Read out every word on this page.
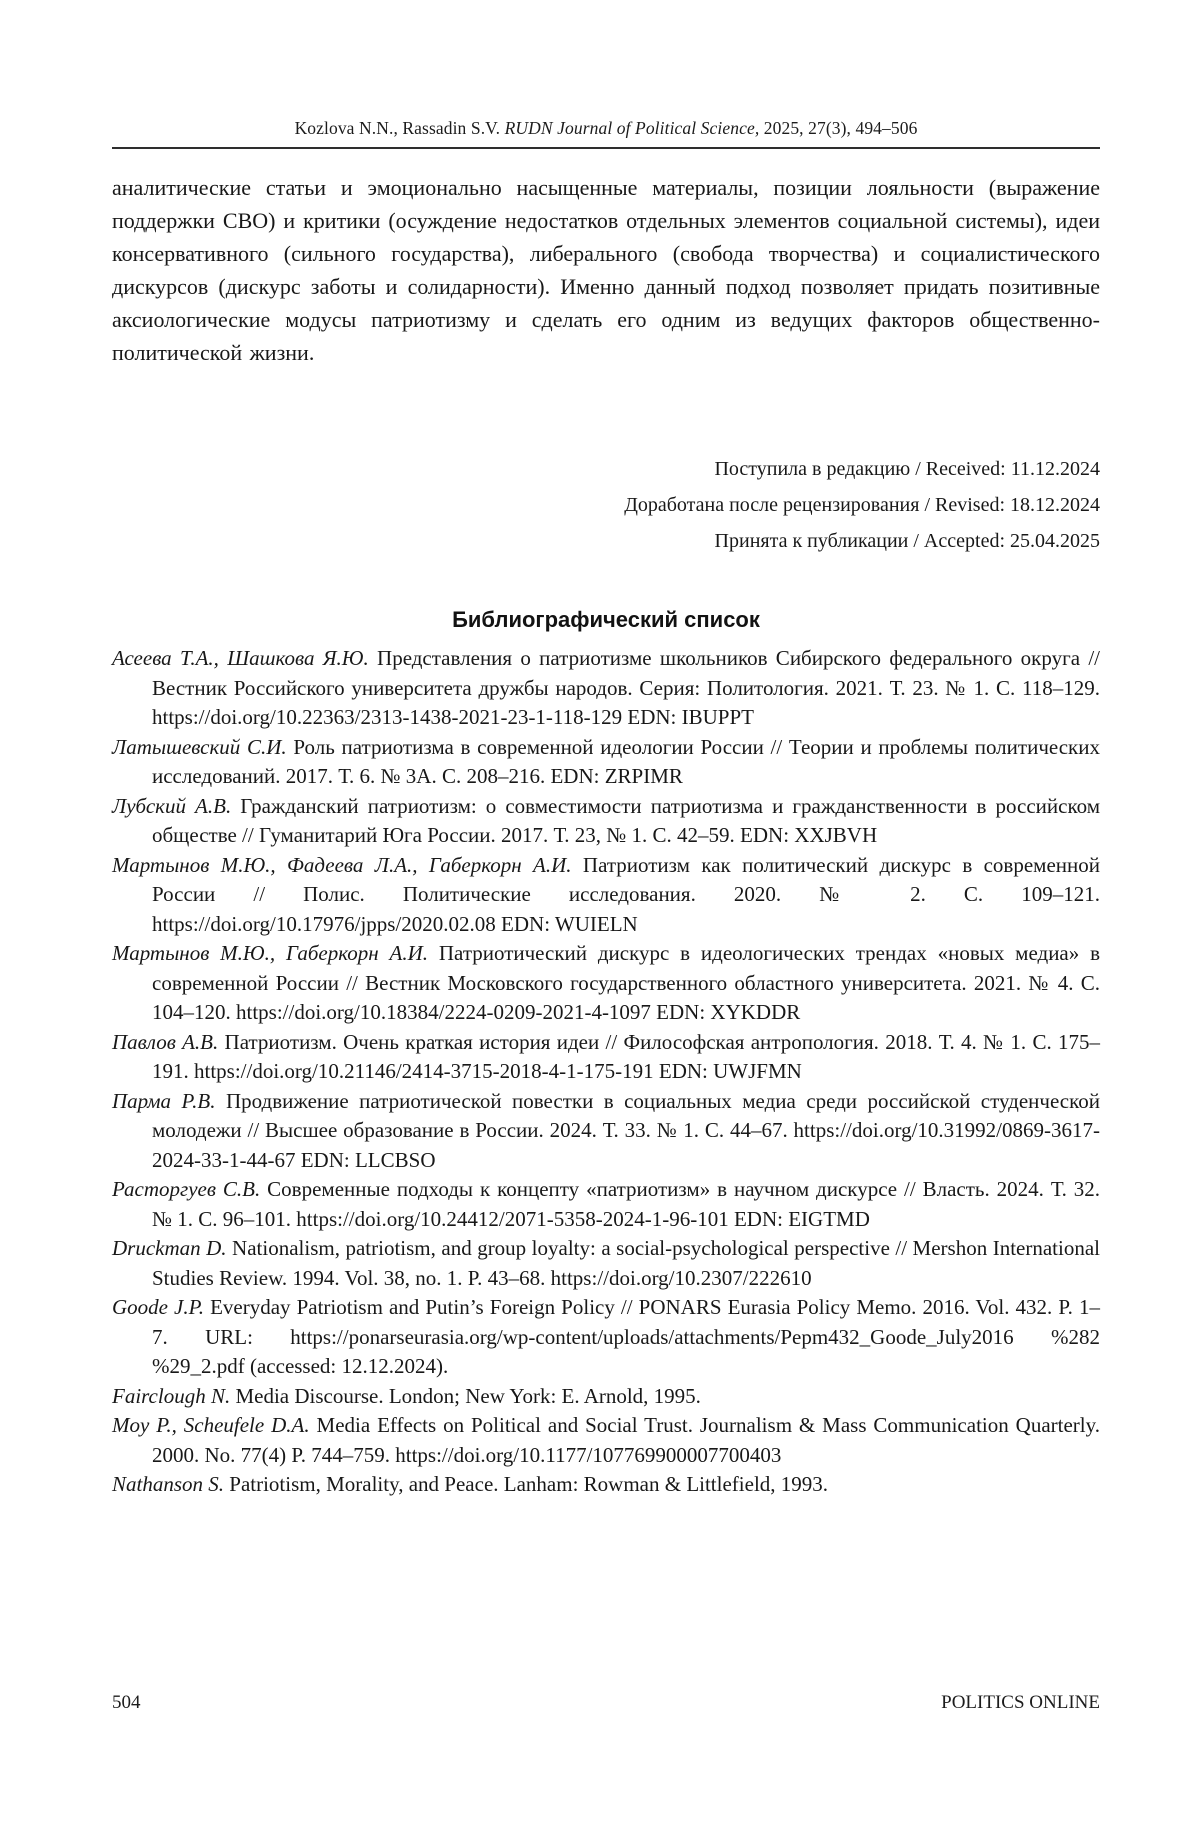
Kozlova N.N., Rassadin S.V. RUDN Journal of Political Science, 2025, 27(3), 494–506

аналитические статьи и эмоционально насыщенные материалы, позиции лояльности (выражение поддержки СВО) и критики (осуждение недостатков отдельных элементов социальной системы), идеи консервативного (сильного государства), либерального (свобода творчества) и социалистического дискурсов (дискурс заботы и солидарности). Именно данный подход позволяет придать позитивные аксиологические модусы патриотизму и сделать его одним из ведущих факторов общественно-политической жизни.

Поступила в редакцию / Received: 11.12.2024
Доработана после рецензирования / Revised: 18.12.2024
Принята к публикации / Accepted: 25.04.2025
Библиографический список

Асеева Т.А., Шашкова Я.Ю. Представления о патриотизме школьников Сибирского федерального округа // Вестник Российского университета дружбы народов. Серия: Политология. 2021. Т. 23. № 1. С. 118–129. https://doi.org/10.22363/2313-1438-2021-23-1-118-129 EDN: IBUPPT

Латышевский С.И. Роль патриотизма в современной идеологии России // Теории и проблемы политических исследований. 2017. Т. 6. № 3А. С. 208–216. EDN: ZRPIMR

Лубский А.В. Гражданский патриотизм: о совместимости патриотизма и гражданственности в российском обществе // Гуманитарий Юга России. 2017. Т. 23, № 1. С. 42–59. EDN: XXJBVH

Мартынов М.Ю., Фадеева Л.А., Габеркорн А.И. Патриотизм как политический дискурс в современной России // Полис. Политические исследования. 2020. № 2. С. 109–121. https://doi.org/10.17976/jpps/2020.02.08 EDN: WUIELN

Мартынов М.Ю., Габеркорн А.И. Патриотический дискурс в идеологических трендах «новых медиа» в современной России // Вестник Московского государственного областного университета. 2021. № 4. С. 104–120. https://doi.org/10.18384/2224-0209-2021-4-1097 EDN: XYKDDR

Павлов А.В. Патриотизм. Очень краткая история идеи // Философская антропология. 2018. Т. 4. № 1. С. 175–191. https://doi.org/10.21146/2414-3715-2018-4-1-175-191 EDN: UWJFMN

Парма Р.В. Продвижение патриотической повестки в социальных медиа среди российской студенческой молодежи // Высшее образование в России. 2024. Т. 33. № 1. С. 44–67. https://doi.org/10.31992/0869-3617-2024-33-1-44-67 EDN: LLCBSO

Расторгуев С.В. Современные подходы к концепту «патриотизм» в научном дискурсе // Власть. 2024. Т. 32. № 1. С. 96–101. https://doi.org/10.24412/2071-5358-2024-1-96-101 EDN: EIGTMD

Druckman D. Nationalism, patriotism, and group loyalty: a social-psychological perspective // Mershon International Studies Review. 1994. Vol. 38, no. 1. P. 43–68. https://doi.org/10.2307/222610

Goode J.P. Everyday Patriotism and Putin’s Foreign Policy // PONARS Eurasia Policy Memo. 2016. Vol. 432. P. 1–7. URL: https://ponarseurasia.org/wp-content/uploads/attachments/Pepm432_Goode_July2016 %282 %29_2.pdf (accessed: 12.12.2024).

Fairclough N. Media Discourse. London; New York: E. Arnold, 1995.

Moy P., Scheufele D.A. Media Effects on Political and Social Trust. Journalism & Mass Communication Quarterly. 2000. No. 77(4) P. 744–759. https://doi.org/10.1177/107769900007700403

Nathanson S. Patriotism, Morality, and Peace. Lanham: Rowman & Littlefield, 1993.

504	POLITICS ONLINE
